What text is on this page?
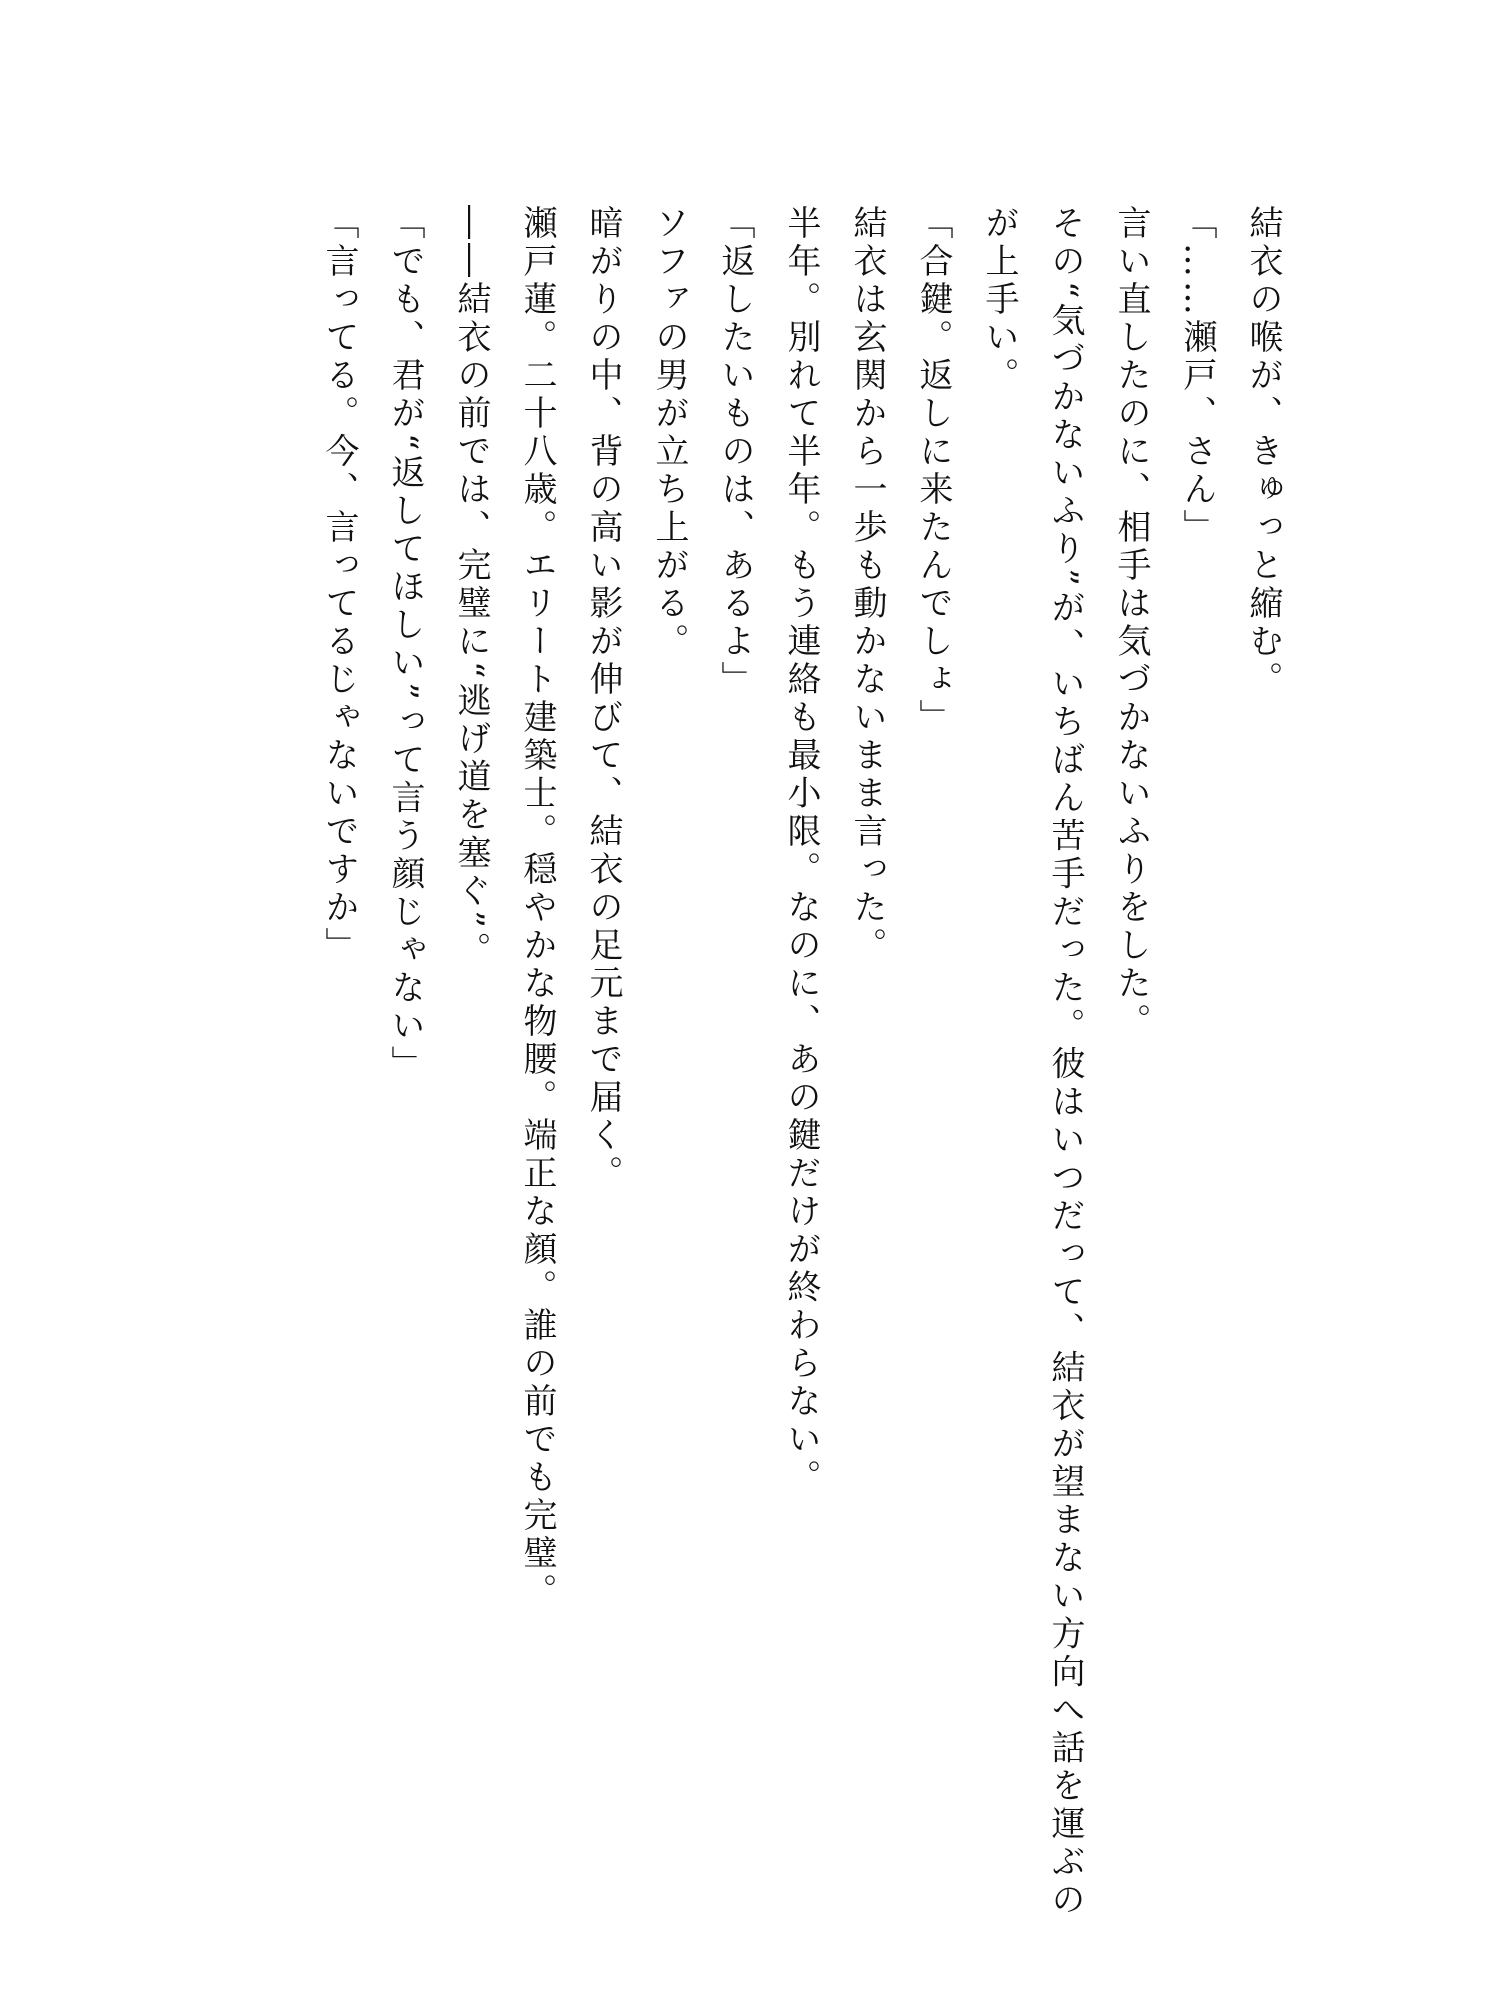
結衣の喉が、きゅっと縮む。
「……瀬戸、さん」
言い直したのに、相手は気づかないふりをした。
その“気づかないふり”が、いちばん苦手だった。彼はいつだって、結衣が望まない方向へ話を運ぶの
が上手い。
「合鍵。返しに来たんでしょ」
結衣は玄関から一歩も動かないまま言った。
半年。別れて半年。もう連絡も最小限。なのに、あの鍵だけが終わらない。
「返したいものは、あるよ」
ソファの男が立ち上がる。
暗がりの中、背の高い影が伸びて、結衣の足元まで届く。
瀬戸蓮。二十八歳。エリート建築士。穏やかな物腰。端正な顔。誰の前でも完璧。
――結衣の前では、完璧に“逃げ道を塞ぐ”。
「でも、君が“返してほしい”って言う顔じゃない」
「言ってる。今、言ってるじゃないですか」
